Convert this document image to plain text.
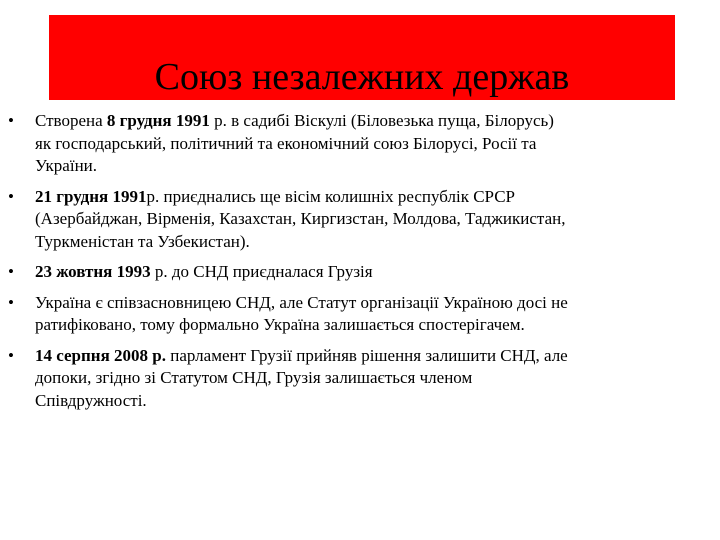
Союз незалежних держав
• Створена 8 грудня 1991 р. в садибі Віскулі (Біловезька пуща, Білорусь)
як господарський, політичний та економічний союз Білорусі, Росії та
України.
• 21 грудня 1991р. приєднались ще вісім колишніх республік СРСР
(Азербайджан, Вірменія, Казахстан, Киргизстан, Молдова, Таджикистан,
Туркменістан та Узбекистан).
• 23 жовтня 1993 р. до СНД приєдналася Грузія
• Україна є співзасновницею СНД, але Статут організації Україною досі не
ратифіковано, тому формально Україна залишається спостерігачем.
• 14 серпня 2008 р. парламент Грузії прийняв рішення залишити СНД, але
допоки, згідно зі Статутом СНД, Грузія залишається членом
Співдружності.
